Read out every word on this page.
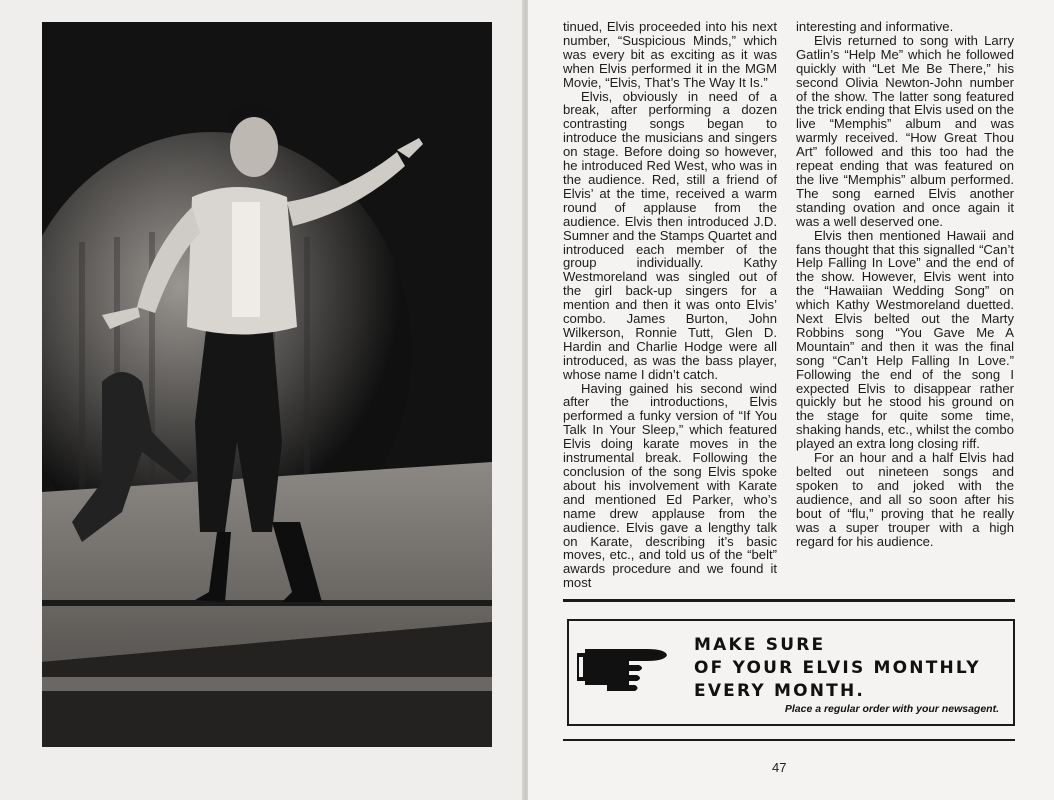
tinued, Elvis proceeded into his next number, “Suspicious Minds,” which was every bit as exciting as it was when Elvis performed it in the MGM Movie, “Elvis, That’s The Way It Is.”

Elvis, obviously in need of a break, after performing a dozen contrasting songs began to introduce the musicians and singers on stage. Before doing so however, he introduced Red West, who was in the audience. Red, still a friend of Elvis’ at the time, received a warm round of applause from the audience. Elvis then introduced J.D. Sumner and the Stamps Quartet and introduced each member of the group individually. Kathy Westmoreland was singled out of the girl back-up singers for a mention and then it was onto Elvis’ combo. James Burton, John Wilkerson, Ronnie Tutt, Glen D. Hardin and Charlie Hodge were all introduced, as was the bass player, whose name I didn’t catch.

Having gained his second wind after the introductions, Elvis performed a funky version of “If You Talk In Your Sleep,” which featured Elvis doing karate moves in the instrumental break. Following the conclusion of the song Elvis spoke about his involvement with Karate and mentioned Ed Parker, who’s name drew applause from the audience. Elvis gave a lengthy talk on Karate, describing it’s basic moves, etc., and told us of the “belt” awards procedure and we found it most

interesting and informative.

Elvis returned to song with Larry Gatlin’s “Help Me” which he followed quickly with “Let Me Be There,” his second Olivia Newton-John number of the show. The latter song featured the trick ending that Elvis used on the live “Memphis” album and was warmly received. “How Great Thou Art” followed and this too had the repeat ending that was featured on the live “Memphis” album performed. The song earned Elvis another standing ovation and once again it was a well deserved one.

Elvis then mentioned Hawaii and fans thought that this signalled “Can’t Help Falling In Love” and the end of the show. However, Elvis went into the “Hawaiian Wedding Song” on which Kathy Westmoreland duetted. Next Elvis belted out the Marty Robbins song “You Gave Me A Mountain” and then it was the final song “Can’t Help Falling In Love.” Following the end of the song I expected Elvis to disappear rather quickly but he stood his ground on the stage for quite some time, shaking hands, etc., whilst the combo played an extra long closing riff.

For an hour and a half Elvis had belted out nineteen songs and spoken to and joked with the audience, and all so soon after his bout of “flu,” proving that he really was a super trouper with a high regard for his audience.

MAKE SURE
OF YOUR ELVIS MONTHLY
EVERY MONTH.
Place a regular order with your newsagent.
47
